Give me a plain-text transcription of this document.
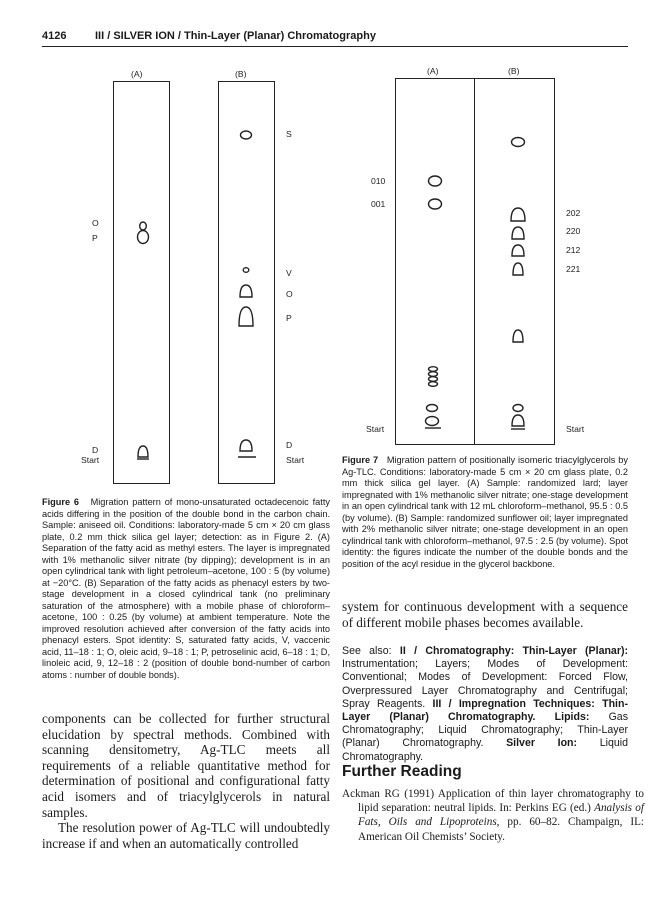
4126	III / SILVER ION / Thin-Layer (Planar) Chromatography
(A)	(B)
O
P
D
Start
S
V
O
P
D
Start
Figure 6 Migration pattern of mono-unsaturated octadecenoic fatty acids differing in the position of the double bond in the carbon chain. Sample: aniseed oil. Conditions: laboratory-made 5 cm × 20 cm glass plate, 0.2 mm thick silica gel layer; detection: as in Figure 2. (A) Separation of the fatty acid as methyl esters. The layer is impregnated with 1% methanolic silver nitrate (by dipping); development is in an open cylindrical tank with light petroleum–acetone, 100 : 5 (by volume) at −20°C. (B) Separation of the fatty acids as phenacyl esters by two-stage development in a closed cylindrical tank (no preliminary saturation of the atmosphere) with a mobile phase of chloroform–acetone, 100 : 0.25 (by volume) at ambient temperature. Note the improved resolution achieved after conversion of the fatty acids into phenacyl esters. Spot identity: S, saturated fatty acids, V, vaccenic acid, 11–18 : 1; O, oleic acid, 9–18 : 1; P, petroselinic acid, 6–18 : 1; D, linoleic acid, 9, 12–18 : 2 (position of double bond-number of carbon atoms : number of double bonds).
components can be collected for further structural elucidation by spectral methods. Combined with scanning densitometry, Ag-TLC meets all requirements of a reliable quantitative method for determination of positional and configurational fatty acid isomers and of triacylglycerols in natural samples.
The resolution power of Ag-TLC will undoubtedly increase if and when an automatically controlled
(A)	(B)
010
001
Start
202
220
212
221
Start
Figure 7 Migration pattern of positionally isomeric triacylglycerols by Ag-TLC. Conditions: laboratory-made 5 cm × 20 cm glass plate, 0.2 mm thick silica gel layer. (A) Sample: randomized lard; layer impregnated with 1% methanolic silver nitrate; one-stage development in an open cylindrical tank with 12 mL chloroform–methanol, 95.5 : 0.5 (by volume). (B) Sample: randomized sunflower oil; layer impregnated with 2% methanolic silver nitrate; one-stage development in an open cylindrical tank with chloroform–methanol, 97.5 : 2.5 (by volume). Spot identity: the figures indicate the number of the double bonds and the position of the acyl residue in the glycerol backbone.
system for continuous development with a sequence of different mobile phases becomes available.
See also: II / Chromatography: Thin-Layer (Planar): Instrumentation; Layers; Modes of Development: Conventional; Modes of Development: Forced Flow, Overpressured Layer Chromatography and Centrifugal; Spray Reagents. III / Impregnation Techniques: Thin-Layer (Planar) Chromatography. Lipids: Gas Chromatography; Liquid Chromatography; Thin-Layer (Planar) Chromatography. Silver Ion: Liquid Chromatography.
Further Reading
Ackman RG (1991) Application of thin layer chromatography to lipid separation: neutral lipids. In: Perkins EG (ed.) Analysis of Fats, Oils and Lipoproteins, pp. 60–82. Champaign, IL: American Oil Chemists’ Society.
